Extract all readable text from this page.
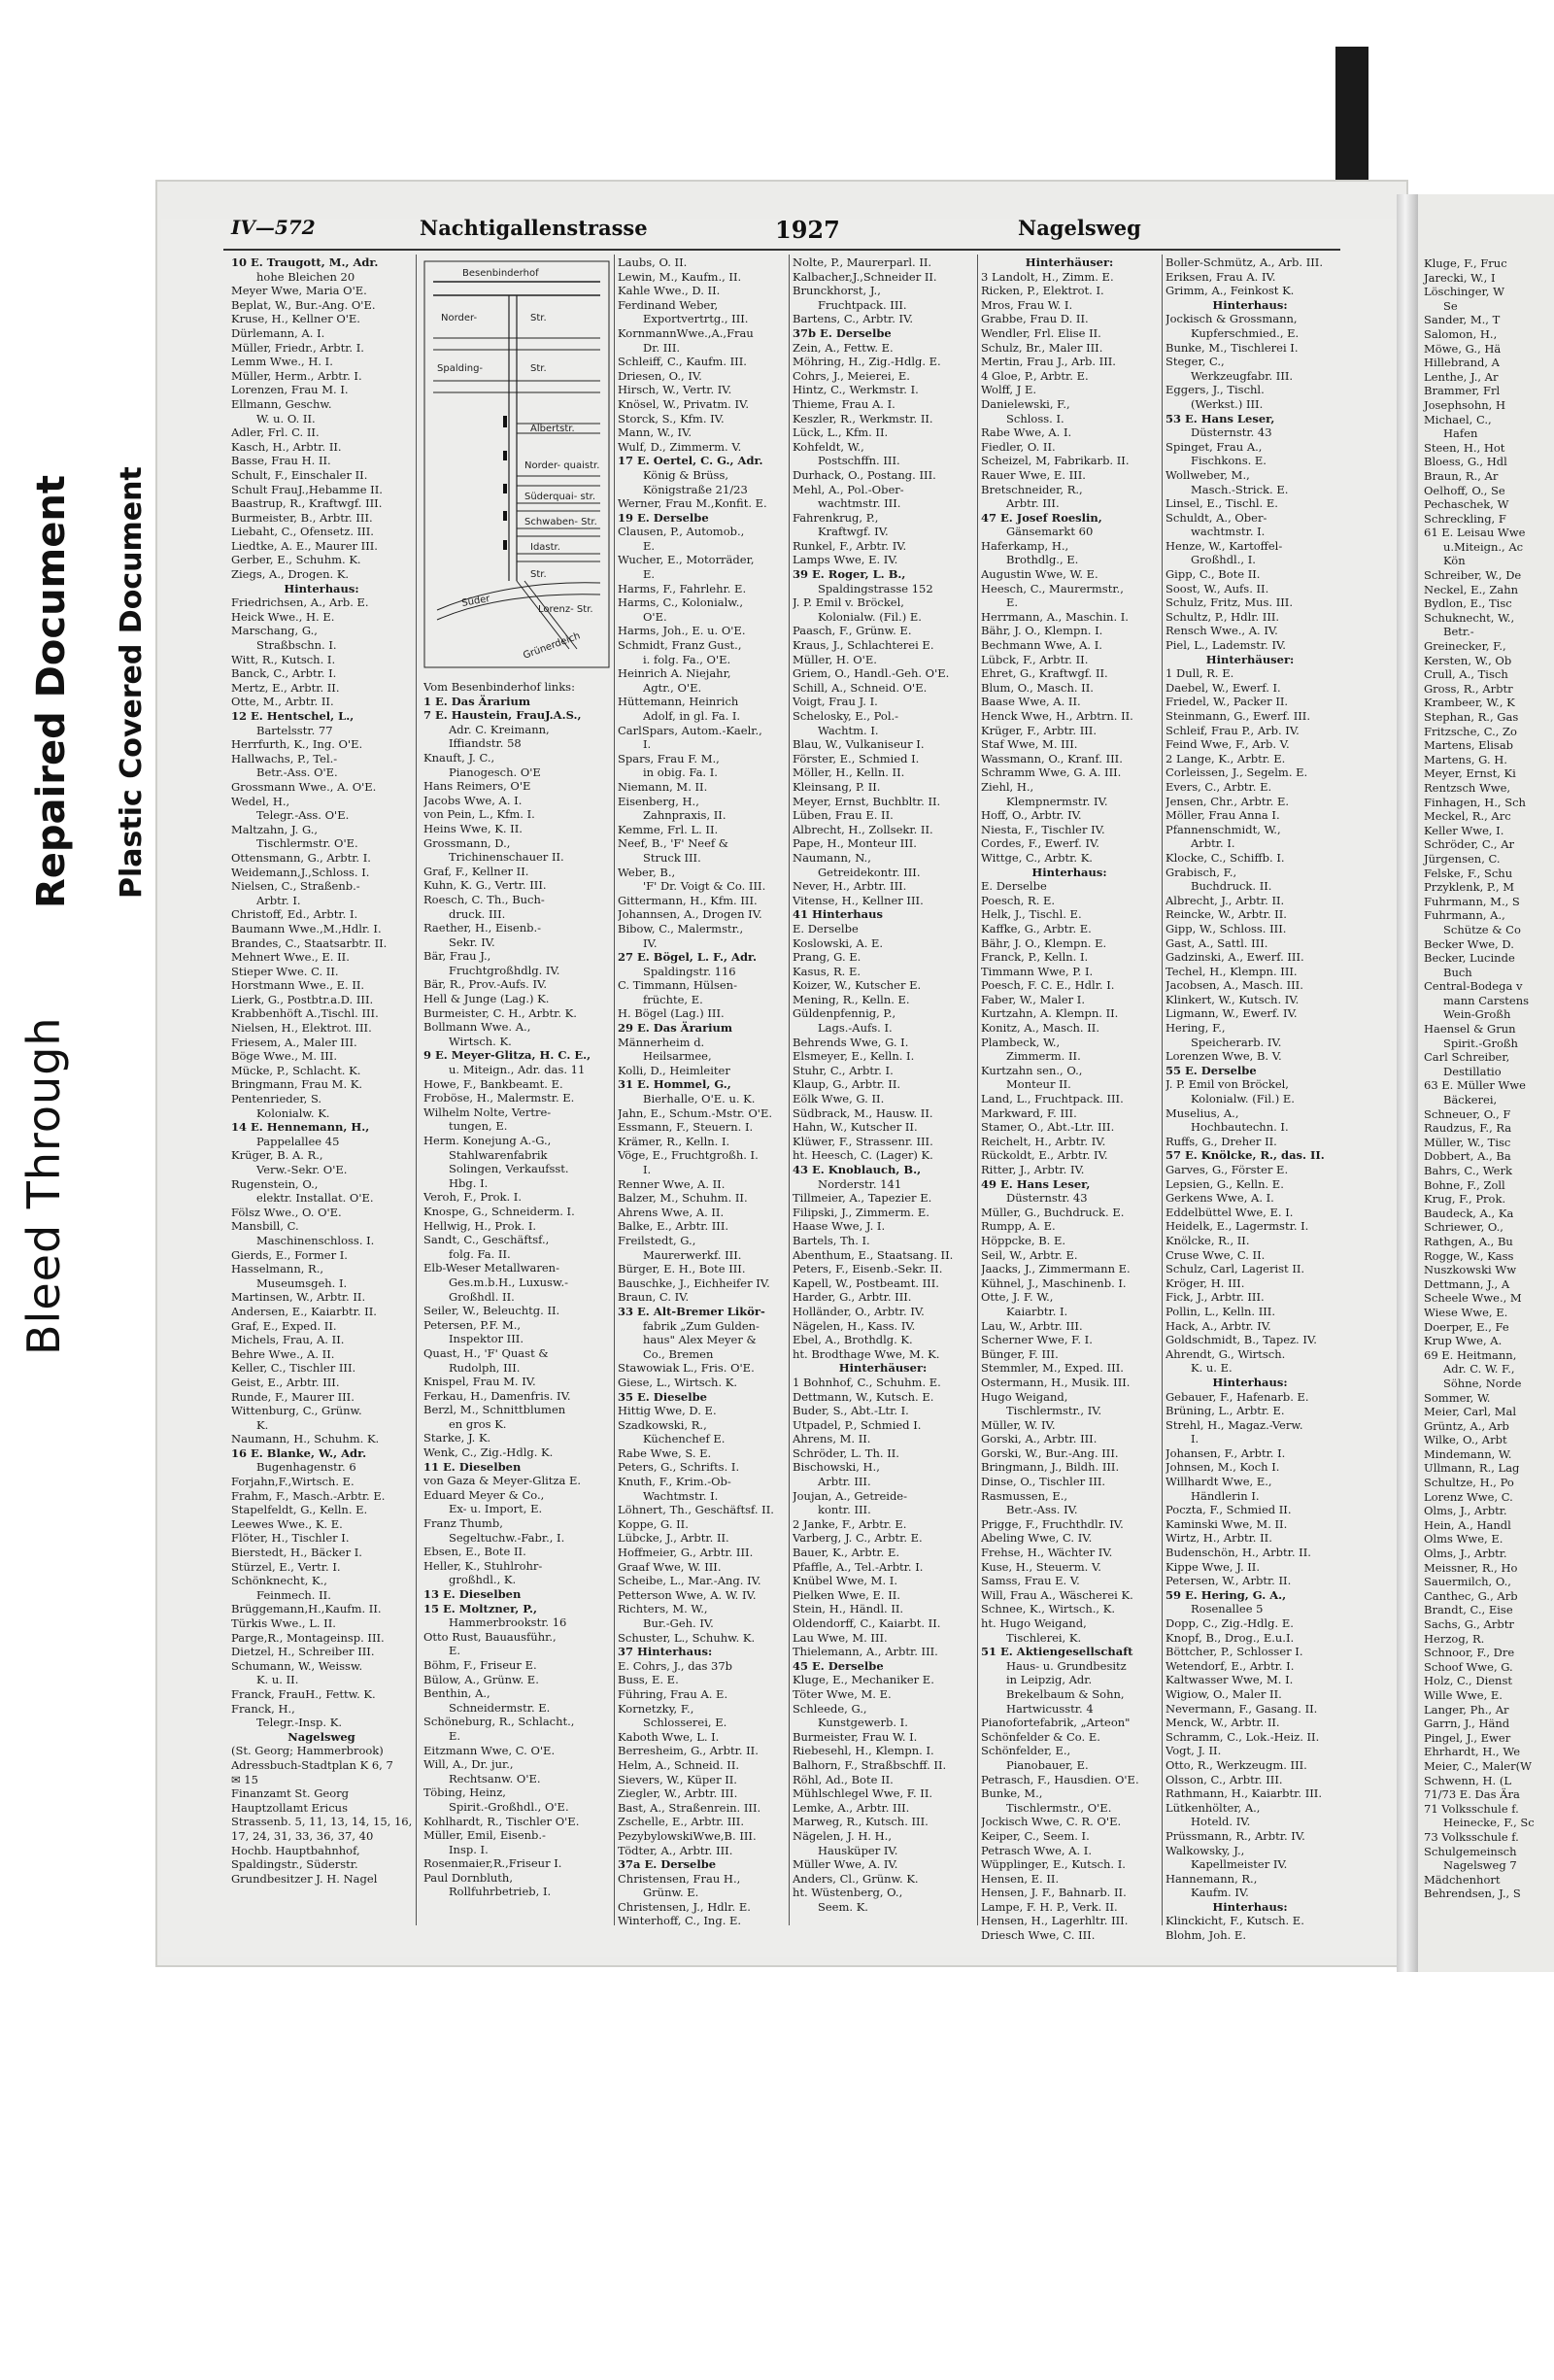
Bleed Through
Repaired Document Plastic Covered Document
Kluge, F., Fruc
Jarecki, W., I
Löschinger, W
Se
Sander, M., T
Salomon, H.,
Möwe, G., Hä
Hillebrand, A
Lenthe, J., Ar
Brammer, Frl
Josephsohn, H
Michael, C.,
Hafen
Steen, H., Hot
Bloess, G., Hdl
Braun, R., Ar
Oelhoff, O., Se
Pechaschek, W
Schreckling, F
61 E. Leisau Wwe
u.Miteign., Ac
Kön
Schreiber, W., De
Neckel, E., Zahn
Bydlon, E., Tisc
Schuknecht, W.,
Betr.-
Greinecker, F.,
Kersten, W., Ob
Crull, A., Tisch
Gross, R., Arbtr
Krambeer, W., K
Stephan, R., Gas
Fritzsche, C., Zo
Martens, Elisab
Martens, G. H.
Meyer, Ernst, Ki
Rentzsch Wwe,
Finhagen, H., Sch
Meckel, R., Arc
Keller Wwe, I.
Schröder, C., Ar
Jürgensen, C.
Felske, F., Schu
Przyklenk, P., M
Fuhrmann, M., S
Fuhrmann, A.,
Schütze & Co
Becker Wwe, D.
Becker, Lucinde
Buch
Central-Bodega v
mann Carstens
Wein-Großh
Haensel & Grun
Spirit.-Großh
Carl Schreiber,
Destillatio
63 E. Müller Wwe
Bäckerei,
Schneuer, O., F
Raudzus, F., Ra
Müller, W., Tisc
Dobbert, A., Ba
Bahrs, C., Werk
Bohne, F., Zoll
Krug, F., Prok.
Baudeck, A., Ka
Schriewer, O.,
Rathgen, A., Bu
Rogge, W., Kass
Nuszkowski Ww
Dettmann, J., A
Scheele Wwe., M
Wiese Wwe, E.
Doerper, E., Fe
Krup Wwe, A.
69 E. Heitmann,
Adr. C. W. F.,
Söhne, Norde
Sommer, W.
Meier, Carl, Mal
Grüntz, A., Arb
Wilke, O., Arbt
Mindemann, W.
Ullmann, R., Lag
Schultze, H., Po
Lorenz Wwe, C.
Olms, J., Arbtr.
Hein, A., Handl
Olms Wwe, E.
Olms, J., Arbtr.
Meissner, R., Ho
Sauermilch, O.,
Canthec, G., Arb
Brandt, C., Eise
Sachs, G., Arbtr
Herzog, R.
Schnoor, F., Dre
Schoof Wwe, G.
Holz, C., Dienst
Wille Wwe, E.
Langer, Ph., Ar
Garrn, J., Händ
Pingel, J., Ewer
Ehrhardt, H., We
Meier, C., Maler(W
Schwenn, H. (L
71/73 E. Das Ära
71 Volksschule f.
Heinecke, F., Sc
73 Volksschule f.
Schulgemeinsch
Nagelsweg 7
Mädchenhort
Behrendsen, J., S
IV—572	Nachtigallenstrasse	1927	Nagelsweg
Besenbinderhof
Norder-	Str.
Spalding-	Str.
Albertstr.
Norder- quaistr.
Süderquai- str.
Schwaben- Str.
Idastr.
Süder
Str.
Lorenz- Str.
Grünerdeich
10 E. Traugott, M., Adr.
hohe Bleichen 20
Meyer Wwe, Maria O'E.
Beplat, W., Bur.-Ang. O'E.
Kruse, H., Kellner O'E.
Dürlemann, A. I.
Müller, Friedr., Arbtr. I.
Lemm Wwe., H. I.
Müller, Herm., Arbtr. I.
Lorenzen, Frau M. I.
Ellmann, Geschw.
W. u. O. II.
Adler, Frl. C. II.
Kasch, H., Arbtr. II.
Basse, Frau H. II.
Schult, F., Einschaler II.
Schult FrauJ.,Hebamme II.
Baastrup, R., Kraftwgf. III.
Burmeister, B., Arbtr. III.
Liebaht, C., Ofensetz. III.
Liedtke, A. E., Maurer III.
Gerber, E., Schuhm. K.
Ziegs, A., Drogen. K.
Hinterhaus:
Friedrichsen, A., Arb. E.
Heick Wwe., H. E.
Marschang, G.,
Straßbschn. I.
Witt, R., Kutsch. I.
Banck, C., Arbtr. I.
Mertz, E., Arbtr. II.
Otte, M., Arbtr. II.
12 E. Hentschel, L.,
Bartelsstr. 77
Herrfurth, K., Ing. O'E.
Hallwachs, P., Tel.-
Betr.-Ass. O'E.
Grossmann Wwe., A. O'E.
Wedel, H.,
Telegr.-Ass. O'E.
Maltzahn, J. G.,
Tischlermstr. O'E.
Ottensmann, G., Arbtr. I.
Weidemann,J.,Schloss. I.
Nielsen, C., Straßenb.-
Arbtr. I.
Christoff, Ed., Arbtr. I.
Baumann Wwe.,M.,Hdlr. I.
Brandes, C., Staatsarbtr. II.
Mehnert Wwe., E. II.
Stieper Wwe. C. II.
Horstmann Wwe., E. II.
Lierk, G., Postbtr.a.D. III.
Krabbenhöft A.,Tischl. III.
Nielsen, H., Elektrot. III.
Friesem, A., Maler III.
Böge Wwe., M. III.
Mücke, P., Schlacht. K.
Bringmann, Frau M. K.
Pentenrieder, S.
Kolonialw. K.
14 E. Hennemann, H.,
Pappelallee 45
Krüger, B. A. R.,
Verw.-Sekr. O'E.
Rugenstein, O.,
elektr. Installat. O'E.
Fölsz Wwe., O. O'E.
Mansbill, C.
Maschinenschloss. I.
Gierds, E., Former I.
Hasselmann, R.,
Museumsgeh. I.
Martinsen, W., Arbtr. II.
Andersen, E., Kaiarbtr. II.
Graf, E., Exped. II.
Michels, Frau, A. II.
Behre Wwe., A. II.
Keller, C., Tischler III.
Geist, E., Arbtr. III.
Runde, F., Maurer III.
Wittenburg, C., Grünw.
K.
Naumann, H., Schuhm. K.
16 E. Blanke, W., Adr.
Bugenhagenstr. 6
Forjahn,F.,Wirtsch. E.
Frahm, F., Masch.-Arbtr. E.
Stapelfeldt, G., Kelln. E.
Leewes Wwe., K. E.
Flöter, H., Tischler I.
Bierstedt, H., Bäcker I.
Stürzel, E., Vertr. I.
Schönknecht, K.,
Feinmech. II.
Brüggemann,H.,Kaufm. II.
Türkis Wwe., L. II.
Parge,R., Montageinsp. III.
Dietzel, H., Schreiber III.
Schumann, W., Weissw.
K. u. II.
Franck, FrauH., Fettw. K.
Franck, H.,
Telegr.-Insp. K.
Nagelsweg
(St. Georg; Hammerbrook)
Adressbuch-Stadtplan K 6, 7
✉ 15
Finanzamt St. Georg
Hauptzollamt Ericus
Strassenb. 5, 11, 13, 14, 15, 16,
17, 24, 31, 33, 36, 37, 40
Hochb. Hauptbahnhof,
Spaldingstr., Süderstr.
Grundbesitzer J. H. Nagel
Vom Besenbinderhof links:
1 E. Das Ärarium
7 E. Haustein, FrauJ.A.S.,
Adr. C. Kreimann,
Iffiandstr. 58
Knauft, J. C.,
Pianogesch. O'E
Hans Reimers, O'E
Jacobs Wwe, A. I.
von Pein, L., Kfm. I.
Heins Wwe, K. II.
Grossmann, D.,
Trichinenschauer II.
Graf, F., Kellner II.
Kuhn, K. G., Vertr. III.
Roesch, C. Th., Buch-
druck. III.
Raether, H., Eisenb.-
Sekr. IV.
Bär, Frau J.,
Fruchtgroßhdlg. IV.
Bär, R., Prov.-Aufs. IV.
Hell & Junge (Lag.) K.
Burmeister, C. H., Arbtr. K.
Bollmann Wwe. A.,
Wirtsch. K.
9 E. Meyer-Glitza, H. C. E.,
u. Miteign., Adr. das. 11
Howe, F., Bankbeamt. E.
Froböse, H., Malermstr. E.
Wilhelm Nolte, Vertre-
tungen, E.
Herm. Konejung A.-G.,
Stahlwarenfabrik
Solingen, Verkaufsst.
Hbg. I.
Veroh, F., Prok. I.
Knospe, G., Schneiderm. I.
Hellwig, H., Prok. I.
Sandt, C., Geschäftsf.,
folg. Fa. II.
Elb-Weser Metallwaren-
Ges.m.b.H., Luxusw.-
Großhdl. II.
Seiler, W., Beleuchtg. II.
Petersen, P.F. M.,
Inspektor III.
Quast, H., 'F' Quast &
Rudolph, III.
Knispel, Frau M. IV.
Ferkau, H., Damenfris. IV.
Berzl, M., Schnittblumen
en gros K.
Starke, J. K.
Wenk, C., Zig.-Hdlg. K.
11 E. Dieselben
von Gaza & Meyer-Glitza E.
Eduard Meyer & Co.,
Ex- u. Import, E.
Franz Thumb,
Segeltuchw.-Fabr., I.
Ebsen, E., Bote II.
Heller, K., Stuhlrohr-
großhdl., K.
13 E. Dieselben
15 E. Moltzner, P.,
Hammerbrookstr. 16
Otto Rust, Bauausführ.,
E.
Böhm, F., Friseur E.
Bülow, A., Grünw. E.
Benthin, A.,
Schneidermstr. E.
Schöneburg, R., Schlacht.,
E.
Eitzmann Wwe, C. O'E.
Will, A., Dr. jur.,
Rechtsanw. O'E.
Töbing, Heinz,
Spirit.-Großhdl., O'E.
Kohlhardt, R., Tischler O'E.
Müller, Emil, Eisenb.-
Insp. I.
Rosenmaier,R.,Friseur I.
Paul Dornbluth,
Rollfuhrbetrieb, I.
Laubs, O. II.
Lewin, M., Kaufm., II.
Kahle Wwe., D. II.
Ferdinand Weber,
Exportvertrtg., III.
KornmannWwe.,A.,Frau
Dr. III.
Schleiff, C., Kaufm. III.
Driesen, O., IV.
Hirsch, W., Vertr. IV.
Knösel, W., Privatm. IV.
Storck, S., Kfm. IV.
Mann, W., IV.
Wulf, D., Zimmerm. V.
17 E. Oertel, C. G., Adr.
König & Brüss,
Königstraße 21/23
Werner, Frau M.,Konfit. E.
19 E. Derselbe
Clausen, P., Automob.,
E.
Wucher, E., Motorräder,
E.
Harms, F., Fahrlehr. E.
Harms, C., Kolonialw.,
O'E.
Harms, Joh., E. u. O'E.
Schmidt, Franz Gust.,
i. folg. Fa., O'E.
Heinrich A. Niejahr,
Agtr., O'E.
Hüttemann, Heinrich
Adolf, in gl. Fa. I.
CarlSpars, Autom.-Kaelr.,
I.
Spars, Frau F. M.,
in obig. Fa. I.
Niemann, M. II.
Eisenberg, H.,
Zahnpraxis, II.
Kemme, Frl. L. II.
Neef, B., 'F' Neef &
Struck III.
Weber, B.,
'F' Dr. Voigt & Co. III.
Gittermann, H., Kfm. III.
Johannsen, A., Drogen IV.
Bibow, C., Malermstr.,
IV.
27 E. Bögel, L. F., Adr.
Spaldingstr. 116
C. Timmann, Hülsen-
früchte, E.
H. Bögel (Lag.) III.
29 E. Das Ärarium
Männerheim d.
Heilsarmee,
Kolli, D., Heimleiter
31 E. Hommel, G.,
Bierhalle, O'E. u. K.
Jahn, E., Schum.-Mstr. O'E.
Essmann, F., Steuern. I.
Krämer, R., Kelln. I.
Vöge, E., Fruchtgroßh. I.
I.
Renner Wwe, A. II.
Balzer, M., Schuhm. II.
Ahrens Wwe, A. II.
Balke, E., Arbtr. III.
Freilstedt, G.,
Maurerwerkf. III.
Bürger, E. H., Bote III.
Bauschke, J., Eichheifer IV.
Braun, C. IV.
33 E. Alt-Bremer Likör-
fabrik „Zum Gulden-
haus" Alex Meyer &
Co., Bremen
Stawowiak L., Fris. O'E.
Giese, L., Wirtsch. K.
35 E. Dieselbe
Hittig Wwe, D. E.
Szadkowski, R.,
Küchenchef E.
Rabe Wwe, S. E.
Peters, G., Schrifts. I.
Knuth, F., Krim.-Ob-
Wachtmstr. I.
Löhnert, Th., Geschäftsf. II.
Koppe, G. II.
Lübcke, J., Arbtr. II.
Hoffmeier, G., Arbtr. III.
Graaf Wwe, W. III.
Scheibe, L., Mar.-Ang. IV.
Petterson Wwe, A. W. IV.
Richters, M. W.,
Bur.-Geh. IV.
Schuster, L., Schuhw. K.
37 Hinterhaus:
E. Cohrs, J., das 37b
Buss, E. E.
Führing, Frau A. E.
Kornetzky, F.,
Schlosserei, E.
Kaboth Wwe, L. I.
Berresheim, G., Arbtr. II.
Helm, A., Schneid. II.
Sievers, W., Küper II.
Ziegler, W., Arbtr. III.
Bast, A., Straßenrein. III.
Zschelle, E., Arbtr. III.
PezybylowskiWwe,B. III.
Tödter, A., Arbtr. III.
37a E. Derselbe
Christensen, Frau H.,
Grünw. E.
Christensen, J., Hdlr. E.
Winterhoff, C., Ing. E.
Nolte, P., Maurerparl. II.
Kalbacher,J.,Schneider II.
Brunckhorst, J.,
Fruchtpack. III.
Bartens, C., Arbtr. IV.
37b E. Derselbe
Zein, A., Fettw. E.
Möhring, H., Zig.-Hdlg. E.
Cohrs, J., Meierei, E.
Hintz, C., Werkmstr. I.
Thieme, Frau A. I.
Keszler, R., Werkmstr. II.
Lück, L., Kfm. II.
Kohfeldt, W.,
Postschffn. III.
Durhack, O., Postang. III.
Mehl, A., Pol.-Ober-
wachtmstr. III.
Fahrenkrug, P.,
Kraftwgf. IV.
Runkel, F., Arbtr. IV.
Lamps Wwe, E. IV.
39 E. Roger, L. B.,
Spaldingstrasse 152
J. P. Emil v. Bröckel,
Kolonialw. (Fil.) E.
Paasch, F., Grünw. E.
Kraus, J., Schlachterei E.
Müller, H. O'E.
Griem, O., Handl.-Geh. O'E.
Schill, A., Schneid. O'E.
Voigt, Frau J. I.
Schelosky, E., Pol.-
Wachtm. I.
Blau, W., Vulkaniseur I.
Förster, E., Schmied I.
Möller, H., Kelln. II.
Kleinsang, P. II.
Meyer, Ernst, Buchbltr. II.
Lüben, Frau E. II.
Albrecht, H., Zollsekr. II.
Pape, H., Monteur III.
Naumann, N.,
Getreidekontr. III.
Never, H., Arbtr. III.
Vitense, H., Kellner III.
41 Hinterhaus
E. Derselbe
Koslowski, A. E.
Prang, G. E.
Kasus, R. E.
Koizer, W., Kutscher E.
Mening, R., Kelln. E.
Güldenpfennig, P.,
Lags.-Aufs. I.
Behrends Wwe, G. I.
Elsmeyer, E., Kelln. I.
Stuhr, C., Arbtr. I.
Klaup, G., Arbtr. II.
Eölk Wwe, G. II.
Südbrack, M., Hausw. II.
Hahn, W., Kutscher II.
Klüwer, F., Strassenr. III.
ht. Heesch, C. (Lager) K.
43 E. Knoblauch, B.,
Norderstr. 141
Tillmeier, A., Tapezier E.
Filipski, J., Zimmerm. E.
Haase Wwe, J. I.
Bartels, Th. I.
Abenthum, E., Staatsang. II.
Peters, F., Eisenb.-Sekr. II.
Kapell, W., Postbeamt. III.
Harder, G., Arbtr. III.
Holländer, O., Arbtr. IV.
Nägelen, H., Kass. IV.
Ebel, A., Brothdlg. K.
ht. Brodthage Wwe, M. K.
Hinterhäuser:
1 Bohnhof, C., Schuhm. E.
Dettmann, W., Kutsch. E.
Buder, S., Abt.-Ltr. I.
Utpadel, P., Schmied I.
Ahrens, M. II.
Schröder, L. Th. II.
Bischowski, H.,
Arbtr. III.
Joujan, A., Getreide-
kontr. III.
2 Janke, F., Arbtr. E.
Varberg, J. C., Arbtr. E.
Bauer, K., Arbtr. E.
Pfaffle, A., Tel.-Arbtr. I.
Knübel Wwe, M. I.
Pielken Wwe, E. II.
Stein, H., Händl. II.
Oldendorff, C., Kaiarbt. II.
Lau Wwe, M. III.
Thielemann, A., Arbtr. III.
45 E. Derselbe
Kluge, E., Mechaniker E.
Töter Wwe, M. E.
Schleede, G.,
Kunstgewerb. I.
Burmeister, Frau W. I.
Riebesehl, H., Klempn. I.
Balhorn, F., Straßbschff. II.
Röhl, Ad., Bote II.
Mühlschlegel Wwe, F. II.
Lemke, A., Arbtr. III.
Marweg, R., Kutsch. III.
Nägelen, J. H. H.,
Hausküper IV.
Müller Wwe, A. IV.
Anders, Cl., Grünw. K.
ht. Wüstenberg, O.,
Seem. K.
Hinterhäuser:
3 Landolt, H., Zimm. E.
Ricken, P., Elektrot. I.
Mros, Frau W. I.
Grabbe, Frau D. II.
Wendler, Frl. Elise II.
Schulz, Br., Maler III.
Mertin, Frau J., Arb. III.
4 Gloe, P., Arbtr. E.
Wolff, J E.
Danielewski, F.,
Schloss. I.
Rabe Wwe, A. I.
Fiedler, O. II.
Scheizel, M, Fabrikarb. II.
Rauer Wwe, E. III.
Bretschneider, R.,
Arbtr. III.
47 E. Josef Roeslin,
Gänsemarkt 60
Haferkamp, H.,
Brothdlg., E.
Augustin Wwe, W. E.
Heesch, C., Maurermstr.,
E.
Herrmann, A., Maschin. I.
Bähr, J. O., Klempn. I.
Bechmann Wwe, A. I.
Lübck, F., Arbtr. II.
Ehret, G., Kraftwgf. II.
Blum, O., Masch. II.
Baase Wwe, A. II.
Henck Wwe, H., Arbtrn. II.
Krüger, F., Arbtr. III.
Staf Wwe, M. III.
Wassmann, O., Kranf. III.
Schramm Wwe, G. A. III.
Ziehl, H.,
Klempnermstr. IV.
Hoff, O., Arbtr. IV.
Niesta, F., Tischler IV.
Cordes, F., Ewerf. IV.
Wittge, C., Arbtr. K.
Hinterhaus:
E. Derselbe
Poesch, R. E.
Helk, J., Tischl. E.
Kaffke, G., Arbtr. E.
Bähr, J. O., Klempn. E.
Franck, P., Kelln. I.
Timmann Wwe, P. I.
Poesch, F. C. E., Hdlr. I.
Faber, W., Maler I.
Kurtzahn, A. Klempn. II.
Konitz, A., Masch. II.
Plambeck, W.,
Zimmerm. II.
Kurtzahn sen., O.,
Monteur II.
Land, L., Fruchtpack. III.
Markward, F. III.
Stamer, O., Abt.-Ltr. III.
Reichelt, H., Arbtr. IV.
Rückoldt, E., Arbtr. IV.
Ritter, J., Arbtr. IV.
49 E. Hans Leser,
Düsternstr. 43
Müller, G., Buchdruck. E.
Rumpp, A. E.
Höppcke, B. E.
Seil, W., Arbtr. E.
Jaacks, J., Zimmermann E.
Kühnel, J., Maschinenb. I.
Otte, J. F. W.,
Kaiarbtr. I.
Lau, W., Arbtr. III.
Scherner Wwe, F. I.
Bünger, F. III.
Stemmler, M., Exped. III.
Ostermann, H., Musik. III.
Hugo Weigand,
Tischlermstr., IV.
Müller, W. IV.
Gorski, A., Arbtr. III.
Gorski, W., Bur.-Ang. III.
Bringmann, J., Bildh. III.
Dinse, O., Tischler III.
Rasmussen, E.,
Betr.-Ass. IV.
Prigge, F., Fruchthdlr. IV.
Abeling Wwe, C. IV.
Frehse, H., Wächter IV.
Kuse, H., Steuerm. V.
Samss, Frau E. V.
Will, Frau A., Wäscherei K.
Schnee, K., Wirtsch., K.
ht. Hugo Weigand,
Tischlerei, K.
51 E. Aktiengesellschaft
Haus- u. Grundbesitz
in Leipzig, Adr.
Brekelbaum & Sohn,
Hartwicusstr. 4
Pianofortefabrik, „Arteon"
Schönfelder & Co. E.
Schönfelder, E.,
Pianobauer, E.
Petrasch, F., Hausdien. O'E.
Bunke, M.,
Tischlermstr., O'E.
Jockisch Wwe, C. R. O'E.
Keiper, C., Seem. I.
Petrasch Wwe, A. I.
Wüpplinger, E., Kutsch. I.
Hensen, E. II.
Hensen, J. F., Bahnarb. II.
Lampe, F. H. P., Verk. II.
Hensen, H., Lagerhltr. III.
Driesch Wwe, C. III.
Boller-Schmütz, A., Arb. III.
Eriksen, Frau A. IV.
Grimm, A., Feinkost K.
Hinterhaus:
Jockisch & Grossmann,
Kupferschmied., E.
Bunke, M., Tischlerei I.
Steger, C.,
Werkzeugfabr. III.
Eggers, J., Tischl.
(Werkst.) III.
53 E. Hans Leser,
Düsternstr. 43
Spinget, Frau A.,
Fischkons. E.
Wollweber, M.,
Masch.-Strick. E.
Linsel, E., Tischl. E.
Schuldt, A., Ober-
wachtmstr. I.
Henze, W., Kartoffel-
Großhdl., I.
Gipp, C., Bote II.
Soost, W., Aufs. II.
Schulz, Fritz, Mus. III.
Schultz, P., Hdlr. III.
Rensch Wwe., A. IV.
Piel, L., Lademstr. IV.
Hinterhäuser:
1 Dull, R. E.
Daebel, W., Ewerf. I.
Friedel, W., Packer II.
Steinmann, G., Ewerf. III.
Schleif, Frau P., Arb. IV.
Feind Wwe, F., Arb. V.
2 Lange, K., Arbtr. E.
Corleissen, J., Segelm. E.
Evers, C., Arbtr. E.
Jensen, Chr., Arbtr. E.
Möller, Frau Anna I.
Pfannenschmidt, W.,
Arbtr. I.
Klocke, C., Schiffb. I.
Grabisch, F.,
Buchdruck. II.
Albrecht, J., Arbtr. II.
Reincke, W., Arbtr. II.
Gipp, W., Schloss. III.
Gast, A., Sattl. III.
Gadzinski, A., Ewerf. III.
Techel, H., Klempn. III.
Jacobsen, A., Masch. III.
Klinkert, W., Kutsch. IV.
Ligmann, W., Ewerf. IV.
Hering, F.,
Speicherarb. IV.
Lorenzen Wwe, B. V.
55 E. Derselbe
J. P. Emil von Bröckel,
Kolonialw. (Fil.) E.
Muselius, A.,
Hochbautechn. I.
Ruffs, G., Dreher II.
57 E. Knölcke, R., das. II.
Garves, G., Förster E.
Lepsien, G., Kelln. E.
Gerkens Wwe, A. I.
Eddelbüttel Wwe, E. I.
Heidelk, E., Lagermstr. I.
Knölcke, R., II.
Cruse Wwe, C. II.
Schulz, Carl, Lagerist II.
Kröger, H. III.
Fick, J., Arbtr. III.
Pollin, L., Kelln. III.
Hack, A., Arbtr. IV.
Goldschmidt, B., Tapez. IV.
Ahrendt, G., Wirtsch.
K. u. E.
Hinterhaus:
Gebauer, F., Hafenarb. E.
Brüning, L., Arbtr. E.
Strehl, H., Magaz.-Verw.
I.
Johansen, F., Arbtr. I.
Johnsen, M., Koch I.
Willhardt Wwe, E.,
Händlerin I.
Poczta, F., Schmied II.
Kaminski Wwe, M. II.
Wirtz, H., Arbtr. II.
Budenschön, H., Arbtr. II.
Kippe Wwe, J. II.
Petersen, W., Arbtr. II.
59 E. Hering, G. A.,
Rosenallee 5
Dopp, C., Zig.-Hdlg. E.
Knopf, B., Drog., E.u.I.
Böttcher, P., Schlosser I.
Wetendorf, E., Arbtr. I.
Kaltwasser Wwe, M. I.
Wigiow, O., Maler II.
Nevermann, F., Gasang. II.
Menck, W., Arbtr. II.
Schramm, C., Lok.-Heiz. II.
Vogt, J. II.
Otto, R., Werkzeugm. III.
Olsson, C., Arbtr. III.
Rathmann, H., Kaiarbtr. III.
Lütkenhölter, A.,
Hoteld. IV.
Prüssmann, R., Arbtr. IV.
Walkowsky, J.,
Kapellmeister IV.
Hannemann, R.,
Kaufm. IV.
Hinterhaus:
Klinckicht, F., Kutsch. E.
Blohm, Joh. E.
